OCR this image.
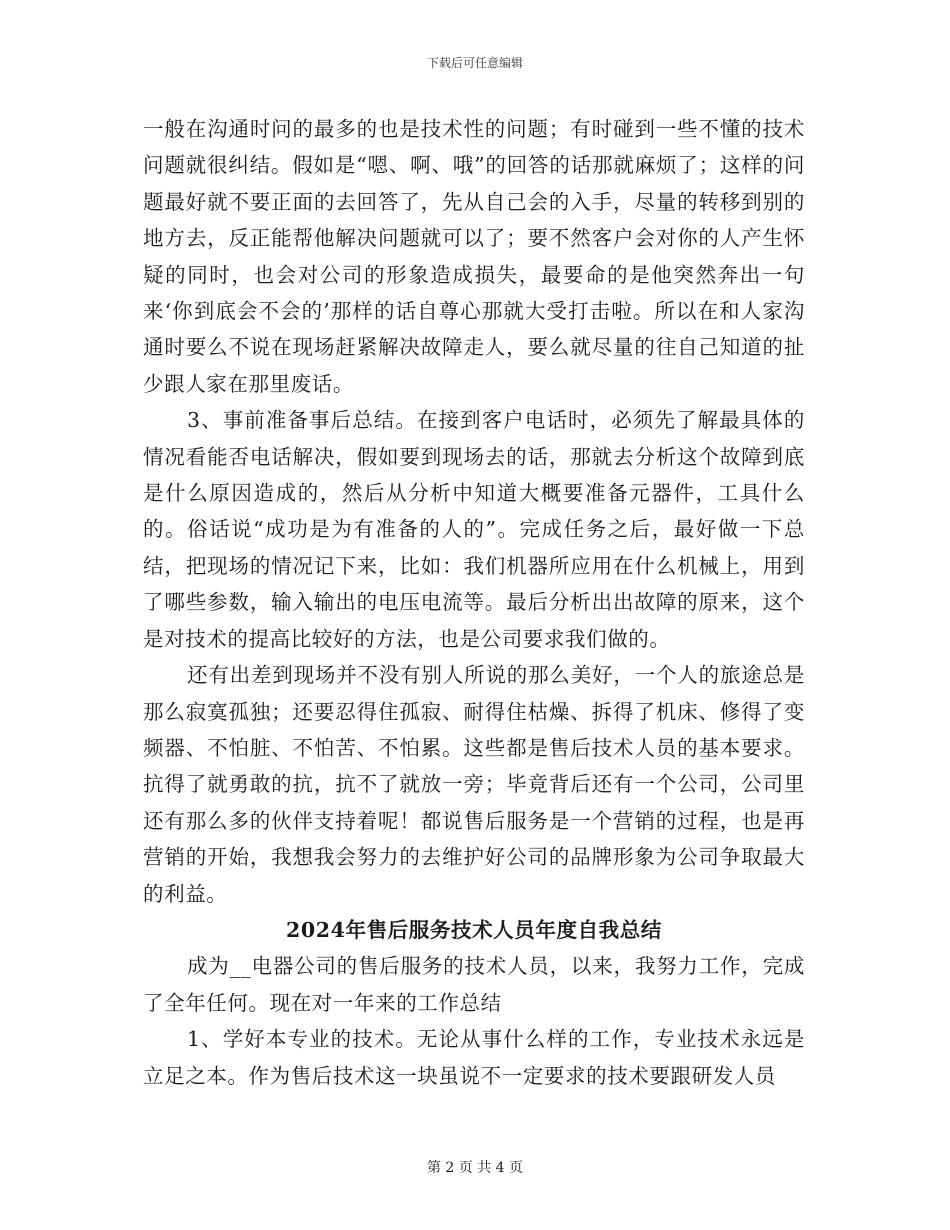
下载后可任意编辑

一般在沟通时问的最多的也是技术性的问题；有时碰到一些不懂的技术问题就很纠结。假如是“嗯、啊、哦”的回答的话那就麻烦了；这样的问题最好就不要正面的去回答了，先从自己会的入手，尽量的转移到别的地方去，反正能帮他解决问题就可以了；要不然客户会对你的人产生怀疑的同时，也会对公司的形象造成损失，最要命的是他突然奔出一句来‘你到底会不会的’那样的话自尊心那就大受打击啦。所以在和人家沟通时要么不说在现场赶紧解决故障走人，要么就尽量的往自己知道的扯少跟人家在那里废话。

3、事前准备事后总结。在接到客户电话时，必须先了解最具体的情况看能否电话解决，假如要到现场去的话，那就去分析这个故障到底是什么原因造成的，然后从分析中知道大概要准备元器件，工具什么的。俗话说“成功是为有准备的人的”。完成任务之后，最好做一下总结，把现场的情况记下来，比如：我们机器所应用在什么机械上，用到了哪些参数，输入输出的电压电流等。最后分析出出故障的原来，这个是对技术的提高比较好的方法，也是公司要求我们做的。

还有出差到现场并不没有别人所说的那么美好，一个人的旅途总是那么寂寞孤独；还要忍得住孤寂、耐得住枯燥、拆得了机床、修得了变频器、不怕脏、不怕苦、不怕累。这些都是售后技术人员的基本要求。抗得了就勇敢的抗，抗不了就放一旁；毕竟背后还有一个公司，公司里还有那么多的伙伴支持着呢！都说售后服务是一个营销的过程，也是再营销的开始，我想我会努力的去维护好公司的品牌形象为公司争取最大的利益。

2024年售后服务技术人员年度自我总结

成为__电器公司的售后服务的技术人员，以来，我努力工作，完成了全年任何。现在对一年来的工作总结

1、学好本专业的技术。无论从事什么样的工作，专业技术永远是立足之本。作为售后技术这一块虽说不一定要求的技术要跟研发人员

第 2 页 共 4 页
